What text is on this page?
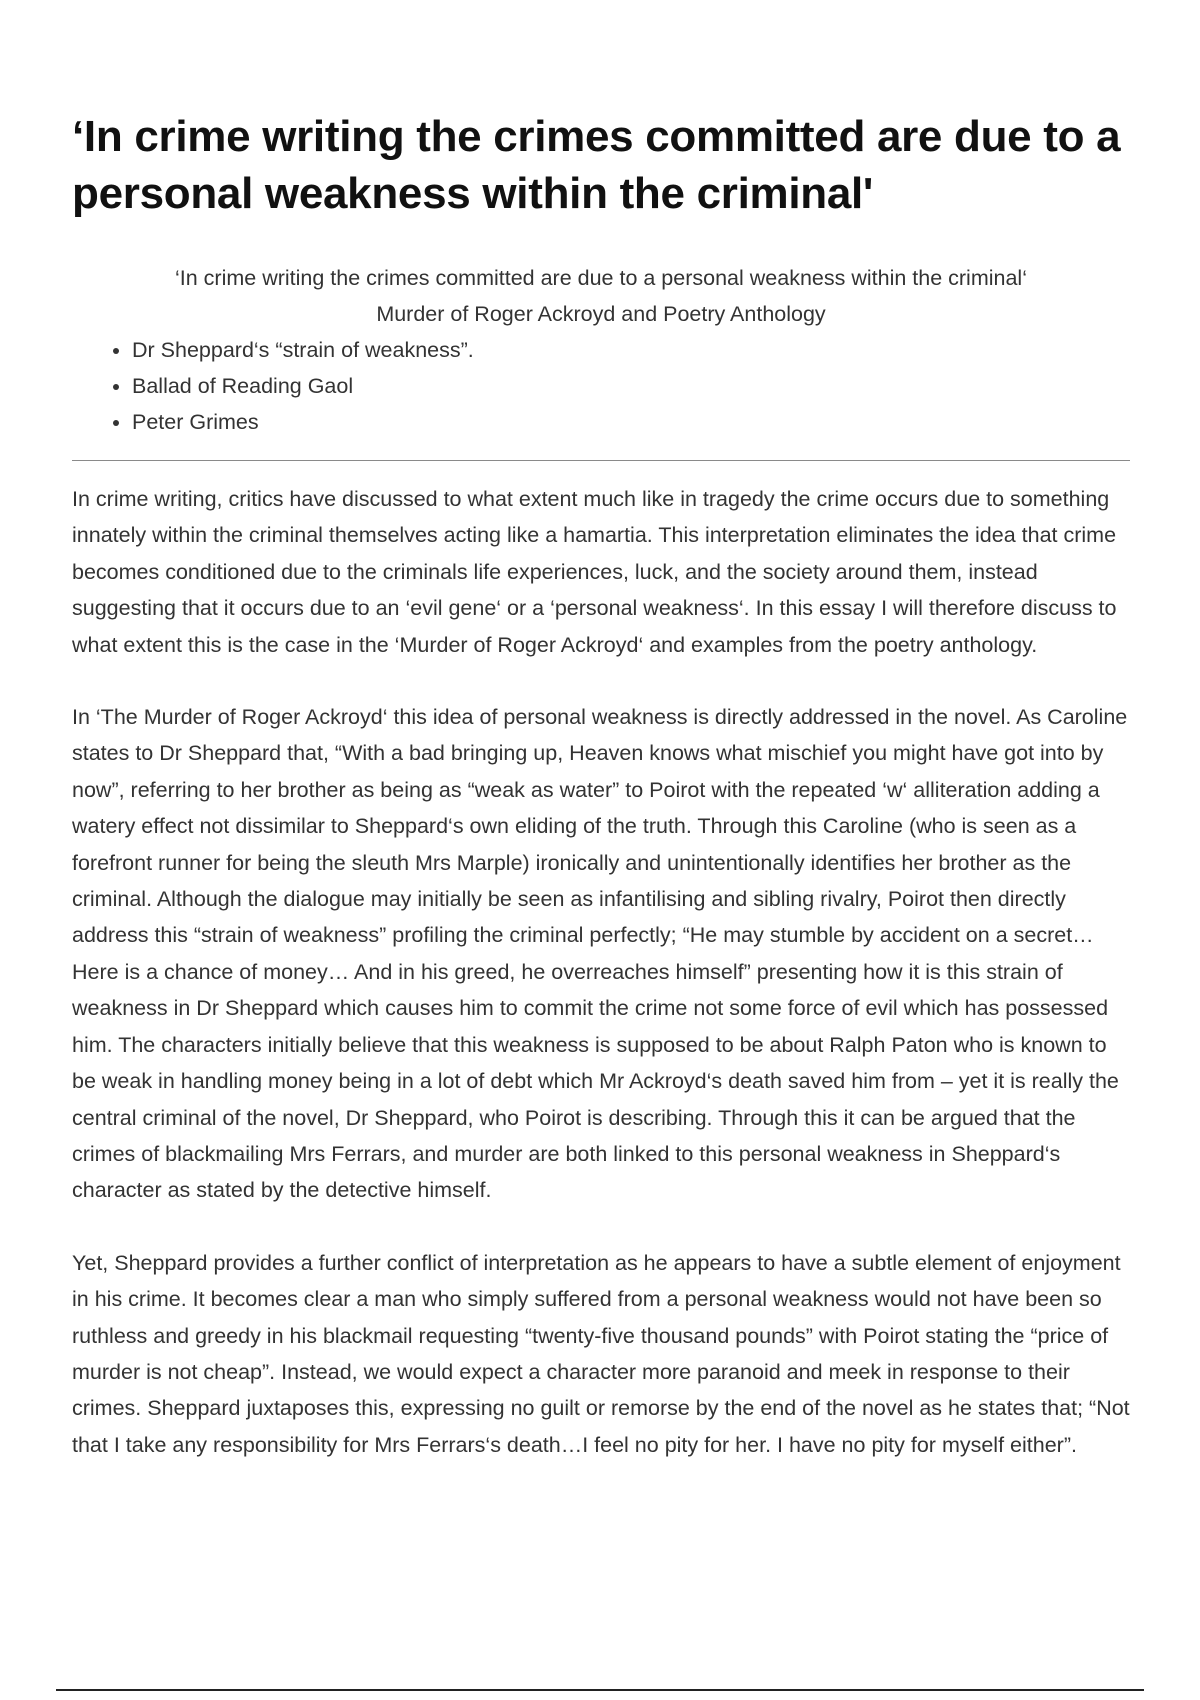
‘In crime writing the crimes committed are due to a personal weakness within the criminal'
‘In crime writing the crimes committed are due to a personal weakness within the criminal‘
Murder of Roger Ackroyd and Poetry Anthology
• Dr Sheppard‘s “strain of weakness”.
• Ballad of Reading Gaol
• Peter Grimes

In crime writing, critics have discussed to what extent much like in tragedy the crime occurs due to something innately within the criminal themselves acting like a hamartia. This interpretation eliminates the idea that crime becomes conditioned due to the criminals life experiences, luck, and the society around them, instead suggesting that it occurs due to an ‘evil gene‘ or a ‘personal weakness‘. In this essay I will therefore discuss to what extent this is the case in the ‘Murder of Roger Ackroyd‘ and examples from the poetry anthology.

In ‘The Murder of Roger Ackroyd‘ this idea of personal weakness is directly addressed in the novel. As Caroline states to Dr Sheppard that, “With a bad bringing up, Heaven knows what mischief you might have got into by now”, referring to her brother as being as “weak as water” to Poirot with the repeated ‘w‘ alliteration adding a watery effect not dissimilar to Sheppard‘s own eliding of the truth. Through this Caroline (who is seen as a forefront runner for being the sleuth Mrs Marple) ironically and unintentionally identifies her brother as the criminal. Although the dialogue may initially be seen as infantilising and sibling rivalry, Poirot then directly address this “strain of weakness” profiling the criminal perfectly; “He may stumble by accident on a secret… Here is a chance of money… And in his greed, he overreaches himself” presenting how it is this strain of weakness in Dr Sheppard which causes him to commit the crime not some force of evil which has possessed him. The characters initially believe that this weakness is supposed to be about Ralph Paton who is known to be weak in handling money being in a lot of debt which Mr Ackroyd‘s death saved him from – yet it is really the central criminal of the novel, Dr Sheppard, who Poirot is describing. Through this it can be argued that the crimes of blackmailing Mrs Ferrars, and murder are both linked to this personal weakness in Sheppard‘s character as stated by the detective himself.

Yet, Sheppard provides a further conflict of interpretation as he appears to have a subtle element of enjoyment in his crime. It becomes clear a man who simply suffered from a personal weakness would not have been so ruthless and greedy in his blackmail requesting “twenty-five thousand pounds” with Poirot stating the “price of murder is not cheap”. Instead, we would expect a character more paranoid and meek in response to their crimes. Sheppard juxtaposes this, expressing no guilt or remorse by the end of the novel as he states that; “Not that I take any responsibility for Mrs Ferrars‘s death…I feel no pity for her. I have no pity for myself either”.
